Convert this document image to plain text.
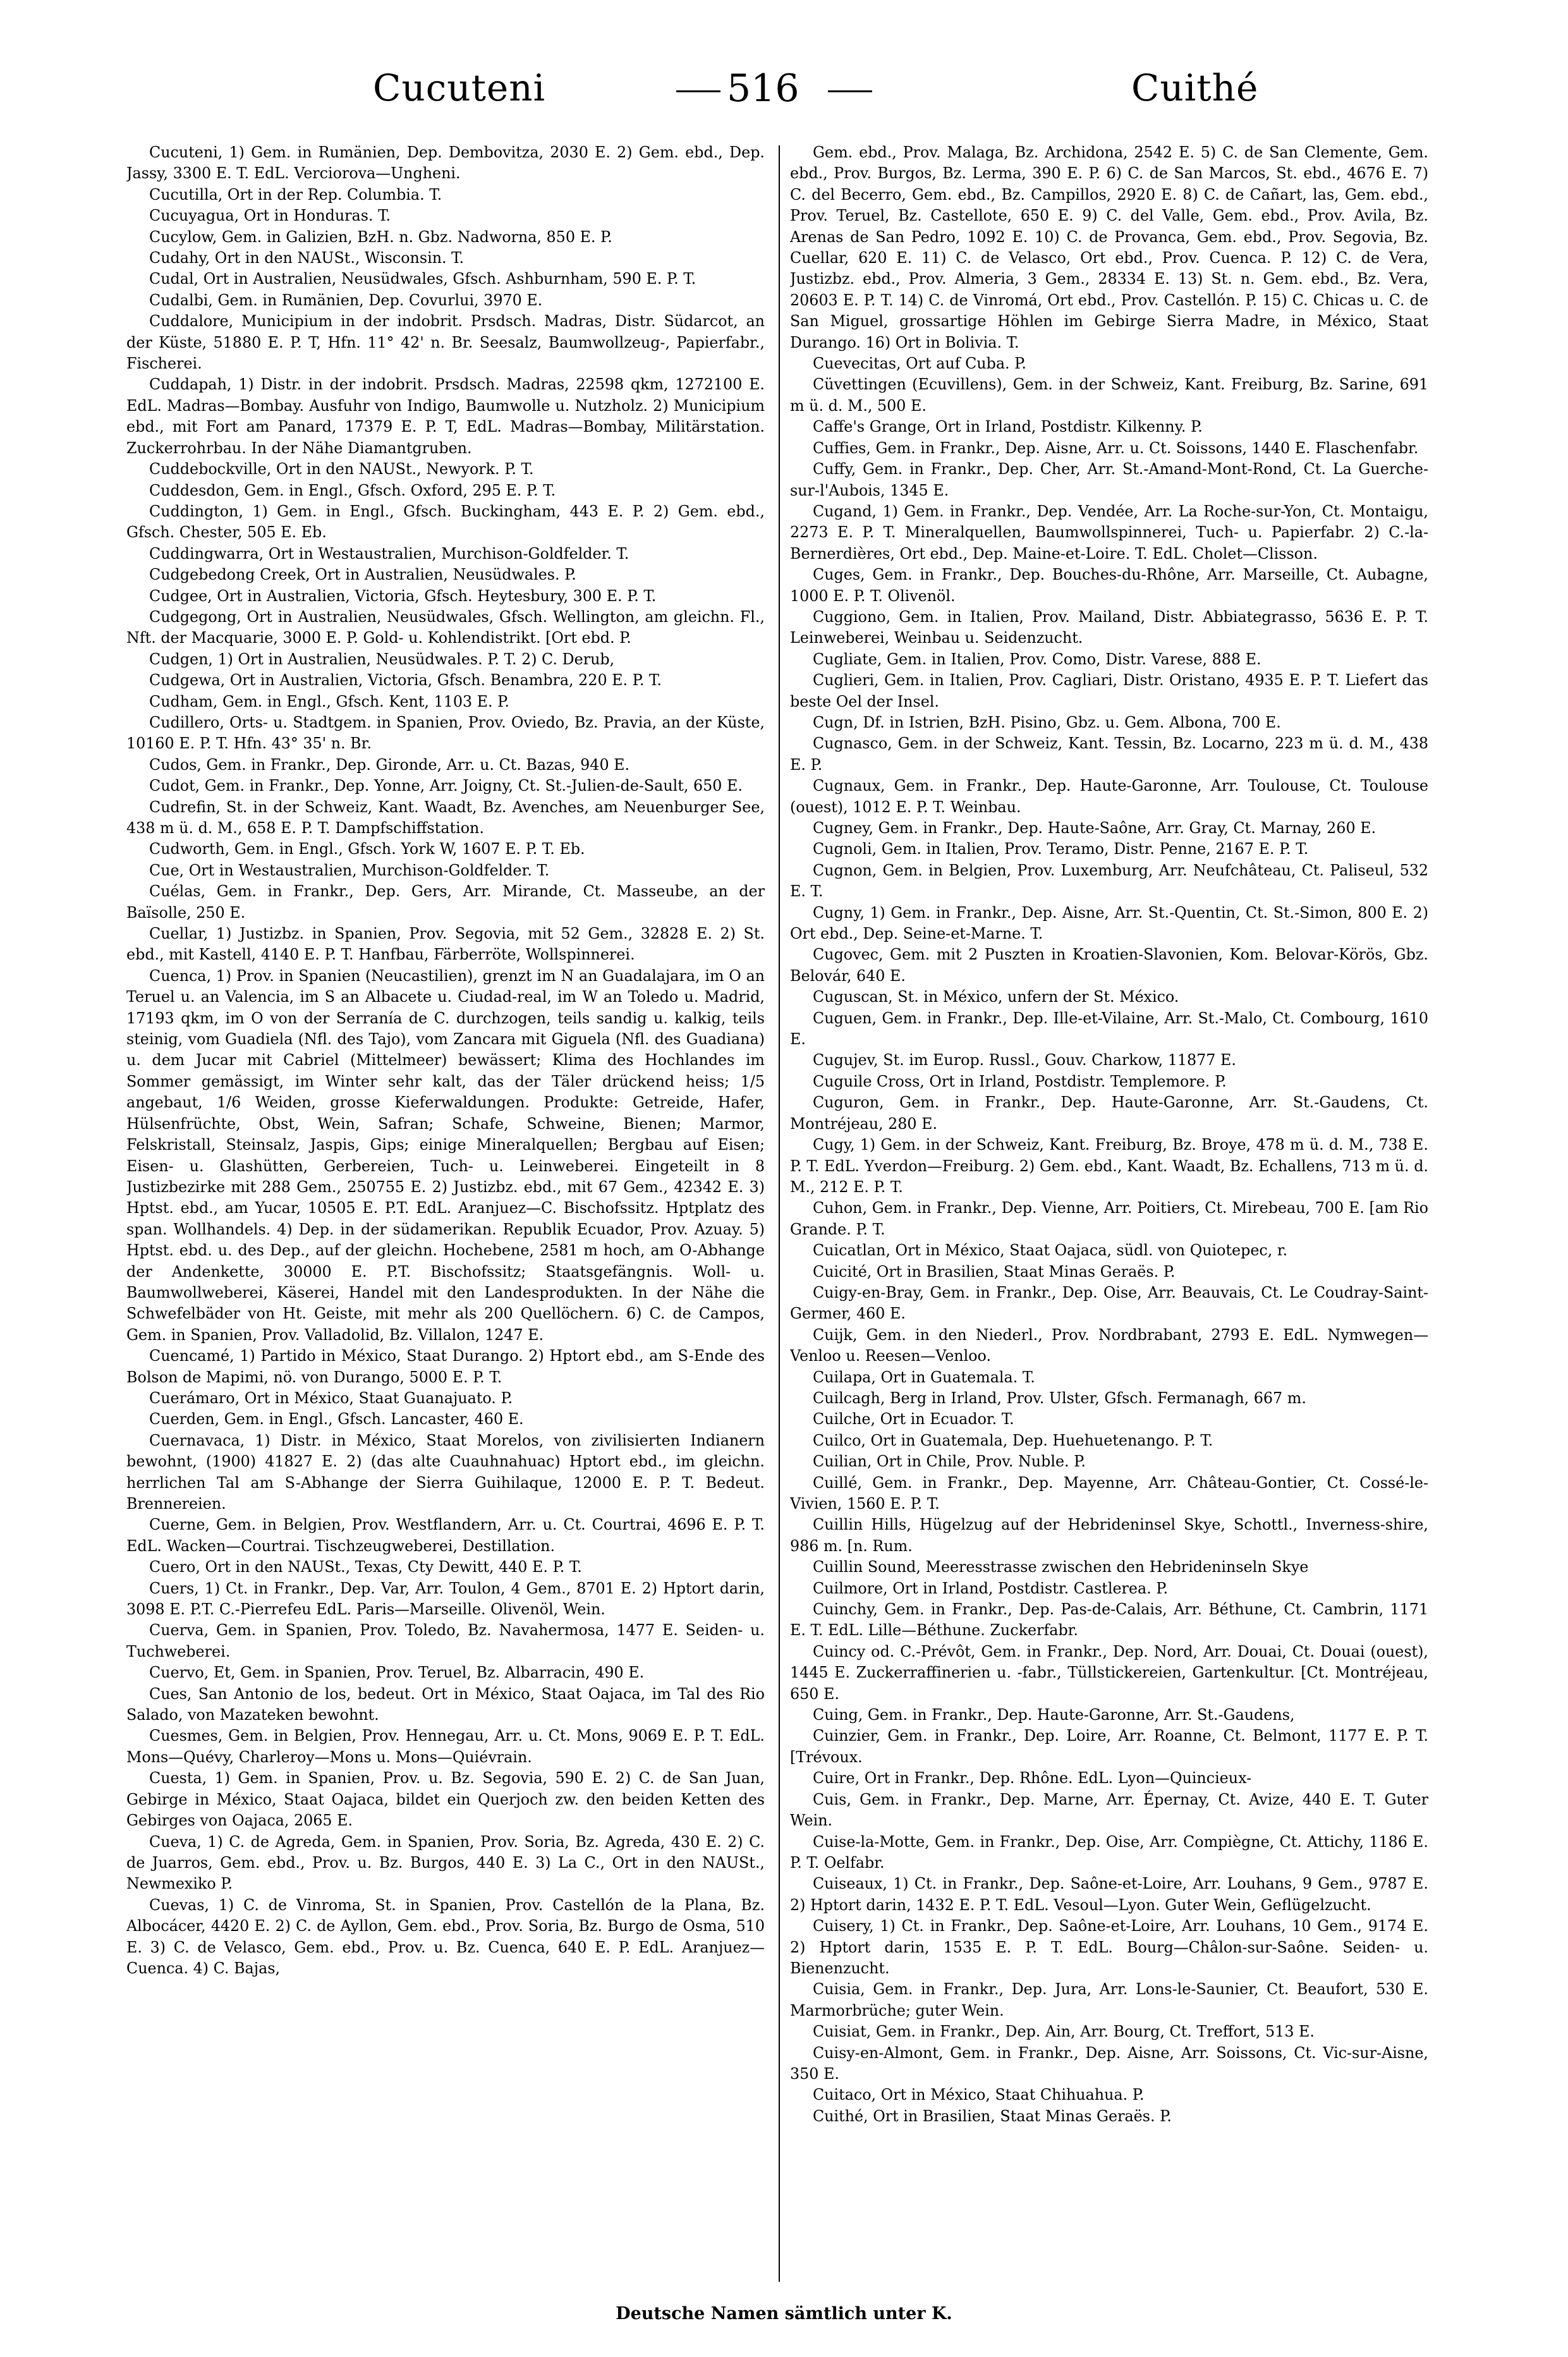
Cucuteni	516	Cuithé

Cucuteni, 1) Gem. in Rumänien, Dep. Dembovitza, 2030 E. 2) Gem. ebd., Dep. Jassy, 3300 E. T. EdL. Verciorova—Ungheni.

Cucutilla, Ort in der Rep. Columbia. T.

Cucuyagua, Ort in Honduras. T.

Cucylow, Gem. in Galizien, BzH. n. Gbz. Nadworna, 850 E. P.

Cudahy, Ort in den NAUSt., Wisconsin. T.

Cudal, Ort in Australien, Neusüdwales, Gfsch. Ashburnham, 590 E. P. T.

Cudalbi, Gem. in Rumänien, Dep. Covurlui, 3970 E.

Cuddalore, Municipium in der indobrit. Prsdsch. Madras, Distr. Südarcot, an der Küste, 51880 E. P. T, Hfn. 11° 42' n. Br. Seesalz, Baumwollzeug-, Papierfabr., Fischerei.

Cuddapah, 1) Distr. in der indobrit. Prsdsch. Madras, 22598 qkm, 1272100 E. EdL. Madras—Bombay. Ausfuhr von Indigo, Baumwolle u. Nutzholz. 2) Municipium ebd., mit Fort am Panard, 17379 E. P. T, EdL. Madras—Bombay, Militärstation. Zuckerrohrbau. In der Nähe Diamantgruben.

Cuddebockville, Ort in den NAUSt., Newyork. P. T.

Cuddesdon, Gem. in Engl., Gfsch. Oxford, 295 E. P. T.

Cuddington, 1) Gem. in Engl., Gfsch. Buckingham, 443 E. P. 2) Gem. ebd., Gfsch. Chester, 505 E. Eb.

Cuddingwarra, Ort in Westaustralien, Murchison-Goldfelder. T.

Cudgebedong Creek, Ort in Australien, Neusüdwales. P.

Cudgee, Ort in Australien, Victoria, Gfsch. Heytesbury, 300 E. P. T.

Cudgegong, Ort in Australien, Neusüdwales, Gfsch. Wellington, am gleichn. Fl., Nft. der Macquarie, 3000 E. P. Gold- u. Kohlendistrikt. [Ort ebd. P.

Cudgen, 1) Ort in Australien, Neusüdwales. P. T. 2) C. Derub,

Cudgewa, Ort in Australien, Victoria, Gfsch. Benambra, 220 E. P. T.

Cudham, Gem. in Engl., Gfsch. Kent, 1103 E. P.

Cudillero, Orts- u. Stadtgem. in Spanien, Prov. Oviedo, Bz. Pravia, an der Küste, 10160 E. P. T. Hfn. 43° 35' n. Br.

Cudos, Gem. in Frankr., Dep. Gironde, Arr. u. Ct. Bazas, 940 E.

Cudot, Gem. in Frankr., Dep. Yonne, Arr. Joigny, Ct. St.-Julien-de-Sault, 650 E.

Cudrefin, St. in der Schweiz, Kant. Waadt, Bz. Avenches, am Neuenburger See, 438 m ü. d. M., 658 E. P. T. Dampfschiffstation.

Cudworth, Gem. in Engl., Gfsch. York W, 1607 E. P. T. Eb.

Cue, Ort in Westaustralien, Murchison-Goldfelder. T.

Cuélas, Gem. in Frankr., Dep. Gers, Arr. Mirande, Ct. Masseube, an der Baïsolle, 250 E.

Cuellar, 1) Justizbz. in Spanien, Prov. Segovia, mit 52 Gem., 32828 E. 2) St. ebd., mit Kastell, 4140 E. P. T. Hanfbau, Färberröte, Wollspinnerei.

Cuenca, 1) Prov. in Spanien (Neucastilien), grenzt im N an Guadalajara, im O an Teruel u. an Valencia, im S an Albacete u. Ciudad-real, im W an Toledo u. Madrid, 17193 qkm, im O von der Serranía de C. durchzogen, teils sandig u. kalkig, teils steinig, vom Guadiela (Nfl. des Tajo), vom Zancara mit Giguela (Nfl. des Guadiana) u. dem Jucar mit Cabriel (Mittelmeer) bewässert; Klima des Hochlandes im Sommer gemässigt, im Winter sehr kalt, das der Täler drückend heiss; 1/5 angebaut, 1/6 Weiden, grosse Kieferwaldungen. Produkte: Getreide, Hafer, Hülsenfrüchte, Obst, Wein, Safran; Schafe, Schweine, Bienen; Marmor, Felskristall, Steinsalz, Jaspis, Gips; einige Mineralquellen; Bergbau auf Eisen; Eisen- u. Glashütten, Gerbereien, Tuch- u. Leinweberei. Eingeteilt in 8 Justizbezirke mit 288 Gem., 250755 E. 2) Justizbz. ebd., mit 67 Gem., 42342 E. 3) Hptst. ebd., am Yucar, 10505 E. P.T. EdL. Aranjuez—C. Bischofssitz. Hptplatz des span. Wollhandels. 4) Dep. in der südamerikan. Republik Ecuador, Prov. Azuay. 5) Hptst. ebd. u. des Dep., auf der gleichn. Hochebene, 2581 m hoch, am O-Abhange der Andenkette, 30000 E. P.T. Bischofssitz; Staatsgefängnis. Woll- u. Baumwollweberei, Käserei, Handel mit den Landesprodukten. In der Nähe die Schwefelbäder von Ht. Geiste, mit mehr als 200 Quellöchern. 6) C. de Campos, Gem. in Spanien, Prov. Valladolid, Bz. Villalon, 1247 E.

Cuencamé, 1) Partido in México, Staat Durango. 2) Hptort ebd., am S-Ende des Bolson de Mapimi, nö. von Durango, 5000 E. P. T.

Cuerámaro, Ort in México, Staat Guanajuato. P.

Cuerden, Gem. in Engl., Gfsch. Lancaster, 460 E.

Cuernavaca, 1) Distr. in México, Staat Morelos, von zivilisierten Indianern bewohnt, (1900) 41827 E. 2) (das alte Cuauhnahuac) Hptort ebd., im gleichn. herrlichen Tal am S-Abhange der Sierra Guihilaque, 12000 E. P. T. Bedeut. Brennereien.

Cuerne, Gem. in Belgien, Prov. Westflandern, Arr. u. Ct. Courtrai, 4696 E. P. T. EdL. Wacken—Courtrai. Tischzeugweberei, Destillation.

Cuero, Ort in den NAUSt., Texas, Cty Dewitt, 440 E. P. T.

Cuers, 1) Ct. in Frankr., Dep. Var, Arr. Toulon, 4 Gem., 8701 E. 2) Hptort darin, 3098 E. P.T. C.-Pierrefeu EdL. Paris—Marseille. Olivenöl, Wein.

Cuerva, Gem. in Spanien, Prov. Toledo, Bz. Navahermosa, 1477 E. Seiden- u. Tuchweberei.

Cuervo, Et, Gem. in Spanien, Prov. Teruel, Bz. Albarracin, 490 E.

Cues, San Antonio de los, bedeut. Ort in México, Staat Oajaca, im Tal des Rio Salado, von Mazateken bewohnt.

Cuesmes, Gem. in Belgien, Prov. Hennegau, Arr. u. Ct. Mons, 9069 E. P. T. EdL. Mons—Quévy, Charleroy—Mons u. Mons—Quiévrain.

Cuesta, 1) Gem. in Spanien, Prov. u. Bz. Segovia, 590 E. 2) C. de San Juan, Gebirge in México, Staat Oajaca, bildet ein Querjoch zw. den beiden Ketten des Gebirges von Oajaca, 2065 E.

Cueva, 1) C. de Agreda, Gem. in Spanien, Prov. Soria, Bz. Agreda, 430 E. 2) C. de Juarros, Gem. ebd., Prov. u. Bz. Burgos, 440 E. 3) La C., Ort in den NAUSt., Newmexiko P.

Cuevas, 1) C. de Vinroma, St. in Spanien, Prov. Castellón de la Plana, Bz. Albocácer, 4420 E. 2) C. de Ayllon, Gem. ebd., Prov. Soria, Bz. Burgo de Osma, 510 E. 3) C. de Velasco, Gem. ebd., Prov. u. Bz. Cuenca, 640 E. P. EdL. Aranjuez—Cuenca. 4) C. Bajas,

Gem. ebd., Prov. Malaga, Bz. Archidona, 2542 E. 5) C. de San Clemente, Gem. ebd., Prov. Burgos, Bz. Lerma, 390 E. P. 6) C. de San Marcos, St. ebd., 4676 E. 7) C. del Becerro, Gem. ebd., Bz. Campillos, 2920 E. 8) C. de Cañart, las, Gem. ebd., Prov. Teruel, Bz. Castellote, 650 E. 9) C. del Valle, Gem. ebd., Prov. Avila, Bz. Arenas de San Pedro, 1092 E. 10) C. de Provanca, Gem. ebd., Prov. Segovia, Bz. Cuellar, 620 E. 11) C. de Velasco, Ort ebd., Prov. Cuenca. P. 12) C. de Vera, Justizbz. ebd., Prov. Almeria, 3 Gem., 28334 E. 13) St. n. Gem. ebd., Bz. Vera, 20603 E. P. T. 14) C. de Vinromá, Ort ebd., Prov. Castellón. P. 15) C. Chicas u. C. de San Miguel, grossartige Höhlen im Gebirge Sierra Madre, in México, Staat Durango. 16) Ort in Bolivia. T.

Cuevecitas, Ort auf Cuba. P.

Cüvettingen (Ecuvillens), Gem. in der Schweiz, Kant. Freiburg, Bz. Sarine, 691 m ü. d. M., 500 E.

Caffe's Grange, Ort in Irland, Postdistr. Kilkenny. P.

Cuffies, Gem. in Frankr., Dep. Aisne, Arr. u. Ct. Soissons, 1440 E. Flaschenfabr.

Cuffy, Gem. in Frankr., Dep. Cher, Arr. St.-Amand-Mont-Rond, Ct. La Guerche-sur-l'Aubois, 1345 E.

Cugand, 1) Gem. in Frankr., Dep. Vendée, Arr. La Roche-sur-Yon, Ct. Montaigu, 2273 E. P. T. Mineralquellen, Baumwollspinnerei, Tuch- u. Papierfabr. 2) C.-la-Bernerdières, Ort ebd., Dep. Maine-et-Loire. T. EdL. Cholet—Clisson.

Cuges, Gem. in Frankr., Dep. Bouches-du-Rhône, Arr. Marseille, Ct. Aubagne, 1000 E. P. T. Olivenöl.

Cuggiono, Gem. in Italien, Prov. Mailand, Distr. Abbiategrasso, 5636 E. P. T. Leinweberei, Weinbau u. Seidenzucht.

Cugliate, Gem. in Italien, Prov. Como, Distr. Varese, 888 E.

Cuglieri, Gem. in Italien, Prov. Cagliari, Distr. Oristano, 4935 E. P. T. Liefert das beste Oel der Insel.

Cugn, Df. in Istrien, BzH. Pisino, Gbz. u. Gem. Albona, 700 E.

Cugnasco, Gem. in der Schweiz, Kant. Tessin, Bz. Locarno, 223 m ü. d. M., 438 E. P.

Cugnaux, Gem. in Frankr., Dep. Haute-Garonne, Arr. Toulouse, Ct. Toulouse (ouest), 1012 E. P. T. Weinbau.

Cugney, Gem. in Frankr., Dep. Haute-Saône, Arr. Gray, Ct. Marnay, 260 E.

Cugnoli, Gem. in Italien, Prov. Teramo, Distr. Penne, 2167 E. P. T.

Cugnon, Gem. in Belgien, Prov. Luxemburg, Arr. Neufchâteau, Ct. Paliseul, 532 E. T.

Cugny, 1) Gem. in Frankr., Dep. Aisne, Arr. St.-Quentin, Ct. St.-Simon, 800 E. 2) Ort ebd., Dep. Seine-et-Marne. T.

Cugovec, Gem. mit 2 Puszten in Kroatien-Slavonien, Kom. Belovar-Körös, Gbz. Belovár, 640 E.

Cuguscan, St. in México, unfern der St. México.

Cuguen, Gem. in Frankr., Dep. Ille-et-Vilaine, Arr. St.-Malo, Ct. Combourg, 1610 E.

Cugujev, St. im Europ. Russl., Gouv. Charkow, 11877 E.

Cuguile Cross, Ort in Irland, Postdistr. Templemore. P.

Cuguron, Gem. in Frankr., Dep. Haute-Garonne, Arr. St.-Gaudens, Ct. Montréjeau, 280 E.

Cugy, 1) Gem. in der Schweiz, Kant. Freiburg, Bz. Broye, 478 m ü. d. M., 738 E. P. T. EdL. Yverdon—Freiburg. 2) Gem. ebd., Kant. Waadt, Bz. Echallens, 713 m ü. d. M., 212 E. P. T.

Cuhon, Gem. in Frankr., Dep. Vienne, Arr. Poitiers, Ct. Mirebeau, 700 E. [am Rio Grande. P. T.

Cuicatlan, Ort in México, Staat Oajaca, südl. von Quiotepec, r.

Cuicité, Ort in Brasilien, Staat Minas Geraës. P.

Cuigy-en-Bray, Gem. in Frankr., Dep. Oise, Arr. Beauvais, Ct. Le Coudray-Saint-Germer, 460 E.

Cuijk, Gem. in den Niederl., Prov. Nordbrabant, 2793 E. EdL. Nymwegen—Venloo u. Reesen—Venloo.

Cuilapa, Ort in Guatemala. T.

Cuilcagh, Berg in Irland, Prov. Ulster, Gfsch. Fermanagh, 667 m.

Cuilche, Ort in Ecuador. T.

Cuilco, Ort in Guatemala, Dep. Huehuetenango. P. T.

Cuilian, Ort in Chile, Prov. Nuble. P.

Cuillé, Gem. in Frankr., Dep. Mayenne, Arr. Château-Gontier, Ct. Cossé-le-Vivien, 1560 E. P. T.

Cuillin Hills, Hügelzug auf der Hebrideninsel Skye, Schottl., Inverness-shire, 986 m. [n. Rum.

Cuillin Sound, Meeresstrasse zwischen den Hebrideninseln Skye

Cuilmore, Ort in Irland, Postdistr. Castlerea. P.

Cuinchy, Gem. in Frankr., Dep. Pas-de-Calais, Arr. Béthune, Ct. Cambrin, 1171 E. T. EdL. Lille—Béthune. Zuckerfabr.

Cuincy od. C.-Prévôt, Gem. in Frankr., Dep. Nord, Arr. Douai, Ct. Douai (ouest), 1445 E. Zuckerraffinerien u. -fabr., Tüllstickereien, Gartenkultur. [Ct. Montréjeau, 650 E.

Cuing, Gem. in Frankr., Dep. Haute-Garonne, Arr. St.-Gaudens,

Cuinzier, Gem. in Frankr., Dep. Loire, Arr. Roanne, Ct. Belmont, 1177 E. P. T. [Trévoux.

Cuire, Ort in Frankr., Dep. Rhône. EdL. Lyon—Quincieux-

Cuis, Gem. in Frankr., Dep. Marne, Arr. Épernay, Ct. Avize, 440 E. T. Guter Wein.

Cuise-la-Motte, Gem. in Frankr., Dep. Oise, Arr. Compiègne, Ct. Attichy, 1186 E. P. T. Oelfabr.

Cuiseaux, 1) Ct. in Frankr., Dep. Saône-et-Loire, Arr. Louhans, 9 Gem., 9787 E. 2) Hptort darin, 1432 E. P. T. EdL. Vesoul—Lyon. Guter Wein, Geflügelzucht.

Cuisery, 1) Ct. in Frankr., Dep. Saône-et-Loire, Arr. Louhans, 10 Gem., 9174 E. 2) Hptort darin, 1535 E. P. T. EdL. Bourg—Châlon-sur-Saône. Seiden- u. Bienenzucht.

Cuisia, Gem. in Frankr., Dep. Jura, Arr. Lons-le-Saunier, Ct. Beaufort, 530 E. Marmorbrüche; guter Wein.

Cuisiat, Gem. in Frankr., Dep. Ain, Arr. Bourg, Ct. Treffort, 513 E.

Cuisy-en-Almont, Gem. in Frankr., Dep. Aisne, Arr. Soissons, Ct. Vic-sur-Aisne, 350 E.

Cuitaco, Ort in México, Staat Chihuahua. P.

Cuithé, Ort in Brasilien, Staat Minas Geraës. P.

Deutsche Namen sämtlich unter K.
